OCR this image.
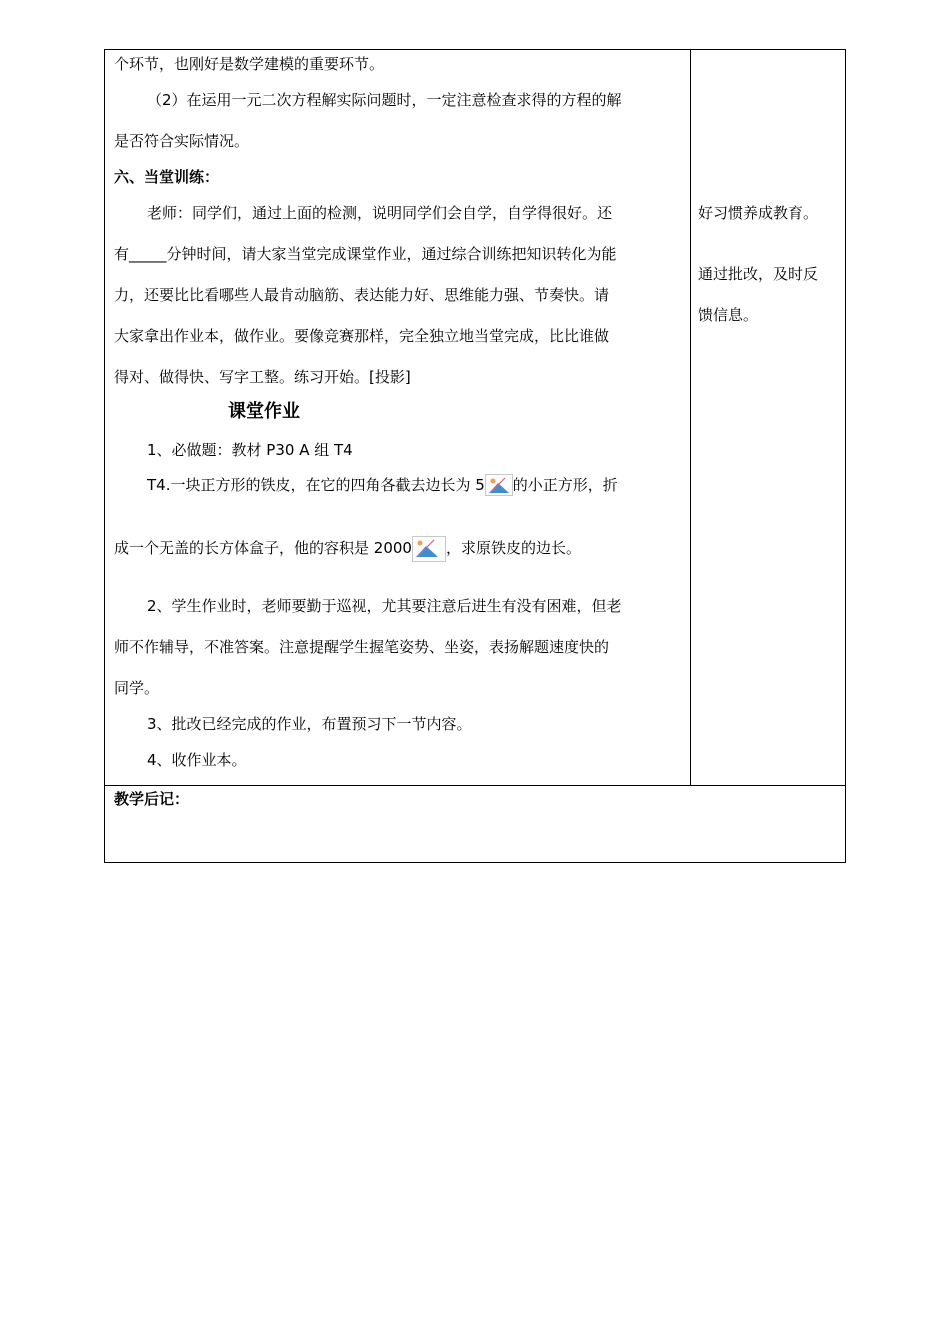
个环节，也刚好是数学建模的重要环节。
（2）在运用一元二次方程解实际问题时，一定注意检查求得的方程的解
是否符合实际情况。
六、当堂训练：
老师：同学们，通过上面的检测，说明同学们会自学，自学得很好。还
有_____分钟时间，请大家当堂完成课堂作业，通过综合训练把知识转化为能
力，还要比比看哪些人最肯动脑筋、表达能力好、思维能力强、节奏快。请
大家拿出作业本，做作业。要像竞赛那样，完全独立地当堂完成，比比谁做
得对、做得快、写字工整。练习开始。[投影]
课堂作业
1、必做题：教材 P30 A 组 T4
T4.一块正方形的铁皮，在它的四角各截去边长为 5 的小正方形，折
成一个无盖的长方体盒子，他的容积是 2000 ，求原铁皮的边长。
2、学生作业时，老师要勤于巡视，尤其要注意后进生有没有困难，但老
师不作辅导，不准答案。注意提醒学生握笔姿势、坐姿，表扬解题速度快的
同学。
3、批改已经完成的作业，布置预习下一节内容。
4、收作业本。
好习惯养成教育。
通过批改，及时反
馈信息。
教学后记：
